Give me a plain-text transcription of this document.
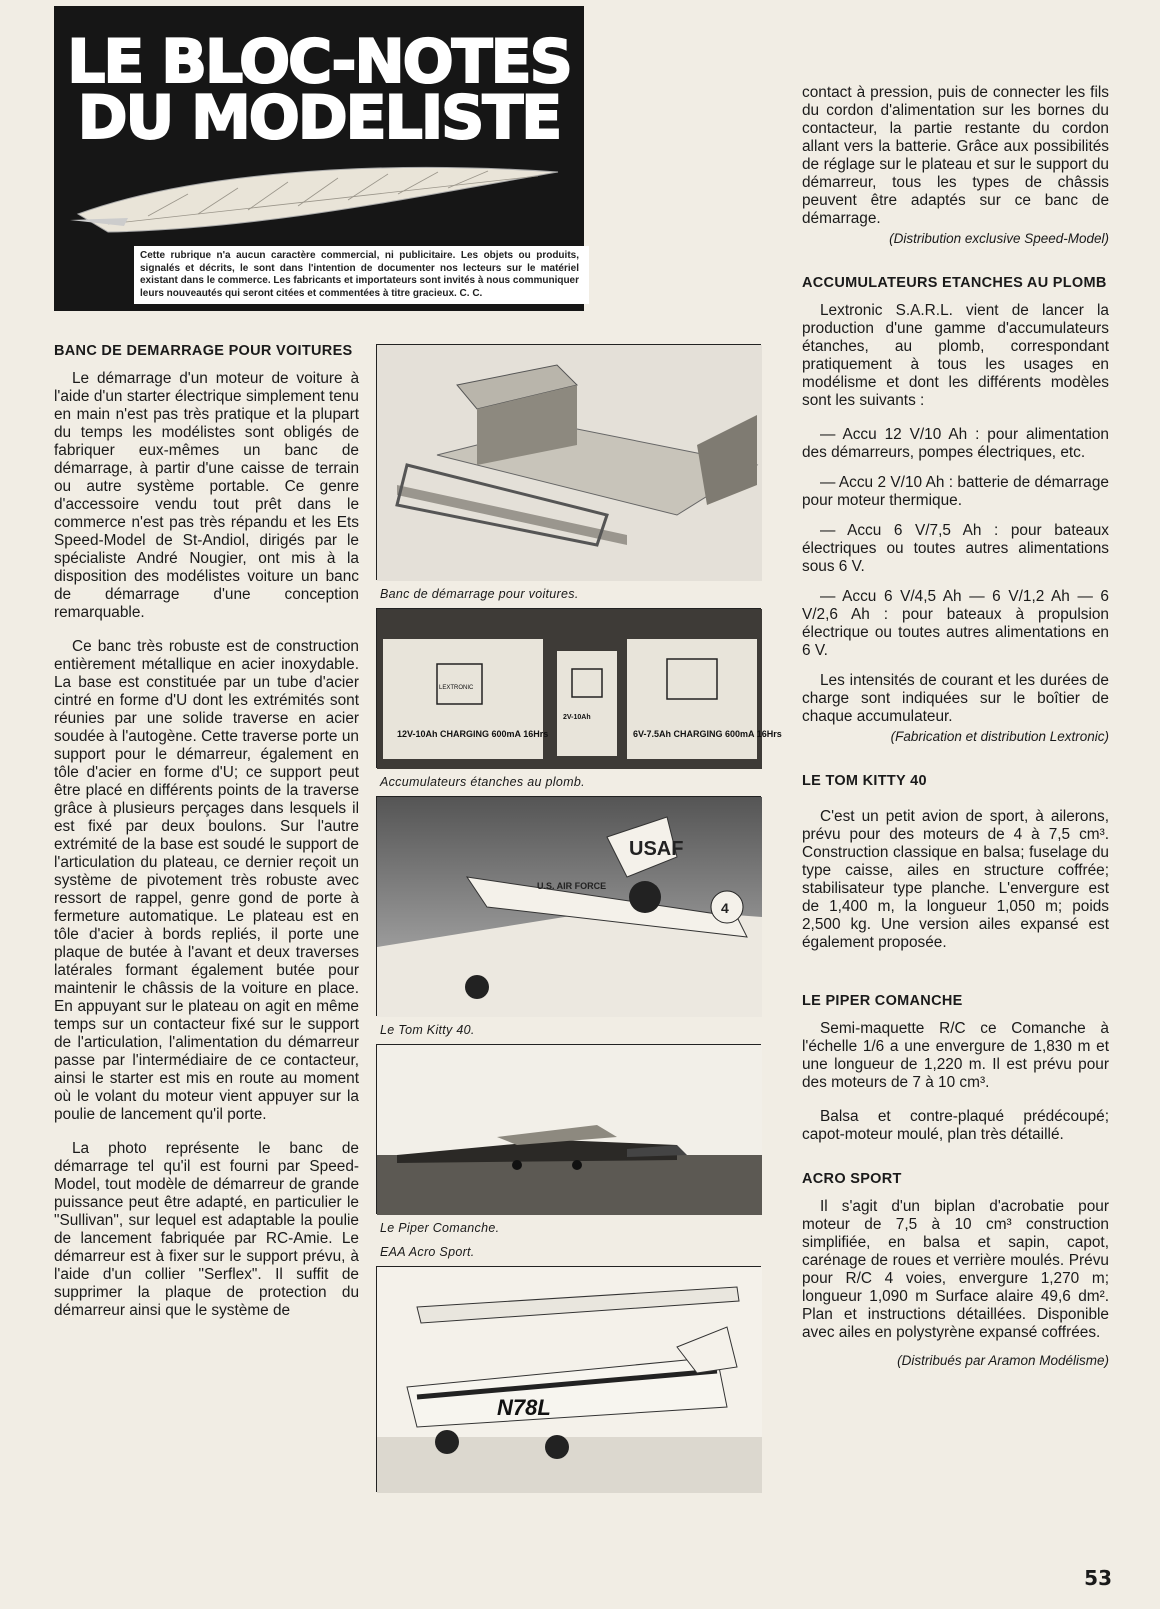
LE BLOC-NOTES
DU MODELISTE
Cette rubrique n'a aucun caractère commercial, ni publicitaire. Les objets ou produits, signalés et décrits, le sont dans l'intention de documenter nos lecteurs sur le matériel existant dans le commerce. Les fabricants et importateurs sont invités à nous communiquer leurs nouveautés qui seront citées et commentées à titre gracieux. C. C.
BANC DE DEMARRAGE POUR VOITURES

Le démarrage d'un moteur de voiture à l'aide d'un starter électrique simplement tenu en main n'est pas très pratique et la plupart du temps les modélistes sont obligés de fabriquer eux-mêmes un banc de démarrage, à partir d'une caisse de terrain ou autre système portable. Ce genre d'accessoire vendu tout prêt dans le commerce n'est pas très répandu et les Ets Speed-Model de St-Andiol, dirigés par le spécialiste André Nougier, ont mis à la disposition des modélistes voiture un banc de démarrage d'une conception remarquable.

Ce banc très robuste est de construction entièrement métallique en acier inoxydable. La base est constituée par un tube d'acier cintré en forme d'U dont les extrémités sont réunies par une solide traverse en acier soudée à l'autogène. Cette traverse porte un support pour le démarreur, également en tôle d'acier en forme d'U; ce support peut être placé en différents points de la traverse grâce à plusieurs perçages dans lesquels il est fixé par deux boulons. Sur l'autre extrémité de la base est soudé le support de l'articulation du plateau, ce dernier reçoit un système de pivotement très robuste avec ressort de rappel, genre gond de porte à fermeture automatique. Le plateau est en tôle d'acier à bords repliés, il porte une plaque de butée à l'avant et deux traverses latérales formant également butée pour maintenir le châssis de la voiture en place. En appuyant sur le plateau on agit en même temps sur un contacteur fixé sur le support de l'articulation, l'alimentation du démarreur passe par l'intermédiaire de ce contacteur, ainsi le starter est mis en route au moment où le volant du moteur vient appuyer sur la poulie de lancement qu'il porte.

La photo représente le banc de démarrage tel qu'il est fourni par Speed-Model, tout modèle de démarreur de grande puissance peut être adapté, en particulier le "Sullivan", sur lequel est adaptable la poulie de lancement fabriquée par RC-Amie. Le démarreur est à fixer sur le support prévu, à l'aide d'un collier "Serflex". Il suffit de supprimer la plaque de protection du démarreur ainsi que le système de

Banc de démarrage pour voitures.
12V-10Ah CHARGING 600mA 16Hrs
2V-10Ah
6V-7.5Ah CHARGING 600mA 16Hrs
LEXTRONIC
Accumulateurs étanches au plomb.
USAF
U.S. AIR FORCE
4
Le Tom Kitty 40.
Le Piper Comanche.
EAA Acro Sport.
N78L

contact à pression, puis de connecter les fils du cordon d'alimentation sur les bornes du contacteur, la partie restante du cordon allant vers la batterie. Grâce aux possibilités de réglage sur le plateau et sur le support du démarreur, tous les types de châssis peuvent être adaptés sur ce banc de démarrage.

(Distribution exclusive Speed-Model)

ACCUMULATEURS ETANCHES AU PLOMB

Lextronic S.A.R.L. vient de lancer la production d'une gamme d'accumulateurs étanches, au plomb, correspondant pratiquement à tous les usages en modélisme et dont les différents modèles sont les suivants :

— Accu 12 V/10 Ah : pour alimentation des démarreurs, pompes électriques, etc.

— Accu 2 V/10 Ah : batterie de démarrage pour moteur thermique.

— Accu 6 V/7,5 Ah : pour bateaux électriques ou toutes autres alimentations sous 6 V.

— Accu 6 V/4,5 Ah — 6 V/1,2 Ah — 6 V/2,6 Ah : pour bateaux à propulsion électrique ou toutes autres alimentations en 6 V.

Les intensités de courant et les durées de charge sont indiquées sur le boîtier de chaque accumulateur.

(Fabrication et distribution Lextronic)

LE TOM KITTY 40

C'est un petit avion de sport, à ailerons, prévu pour des moteurs de 4 à 7,5 cm³. Construction classique en balsa; fuselage du type caisse, ailes en structure coffrée; stabilisateur type planche. L'envergure est de 1,400 m, la longueur 1,050 m; poids 2,500 kg. Une version ailes expansé est également proposée.

LE PIPER COMANCHE

Semi-maquette R/C ce Comanche à l'échelle 1/6 a une envergure de 1,830 m et une longueur de 1,220 m. Il est prévu pour des moteurs de 7 à 10 cm³.

Balsa et contre-plaqué prédécoupé; capot-moteur moulé, plan très détaillé.

ACRO SPORT

Il s'agit d'un biplan d'acrobatie pour moteur de 7,5 à 10 cm³ construction simplifiée, en balsa et sapin, capot, carénage de roues et verrière moulés. Prévu pour R/C 4 voies, envergure 1,270 m; longueur 1,090 m Surface alaire 49,6 dm². Plan et instructions détaillées. Disponible avec ailes en polystyrène expansé coffrées.

(Distribués par Aramon Modélisme)

53
